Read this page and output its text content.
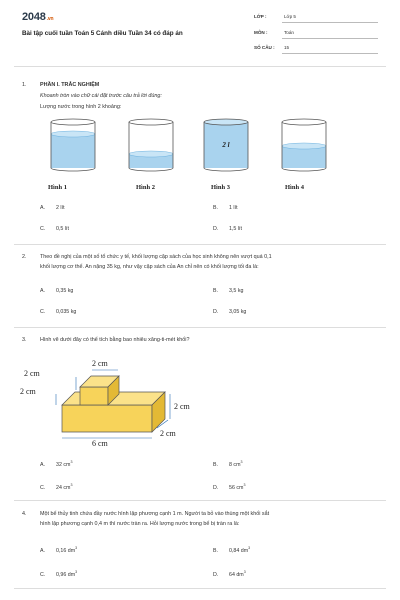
2048.vn
Bài tập cuối tuần Toán 5 Cánh diều Tuần 34 có đáp án
LỚP :	Lớp 5
MÔN :	Toán
SỐ CÂU : 15
1.	PHẦN I. TRẮC NGHIỆM
Khoanh tròn vào chữ cái đặt trước câu trả lời đúng:
Lượng nước trong hình 2 khoảng:
2 l
Hình 1	Hình 2	Hình 3	Hình 4
A. 2 lít	B. 1 lít
C. 0,5 lít	D. 1,5 lít
2.	Theo đề nghị của một số tổ chức y tế, khối lượng cặp sách của học sinh không nên vượt quá 0,1
khối lượng cơ thể. An nặng 35 kg, như vậy cặp sách của An chỉ nên có khối lượng tối đa là:
A. 0,35 kg	B. 3,5 kg
C. 0,035 kg	D. 3,05 kg
3.	Hình vẽ dưới đây có thể tích bằng bao nhiêu xăng-ti-mét khối?
2 cm
2 cm
2 cm
2 cm
2 cm
6 cm
A. 32 $cm^3$	B. 8 $cm^3$
C. 24 $cm^3$	D. 56 $cm^3$
4.	Một bể thủy tinh chứa đầy nước hình lập phương cạnh 1 m. Người ta bỏ vào thùng một khối sắt
hình lập phương cạnh 0,4 m thì nước tràn ra. Hỏi lượng nước trong bể bị tràn ra là:
A. 0,16 $dm^3$	B. 0,84 $dm^3$
C. 0,96 $dm^3$	D. 64 $dm^3$
